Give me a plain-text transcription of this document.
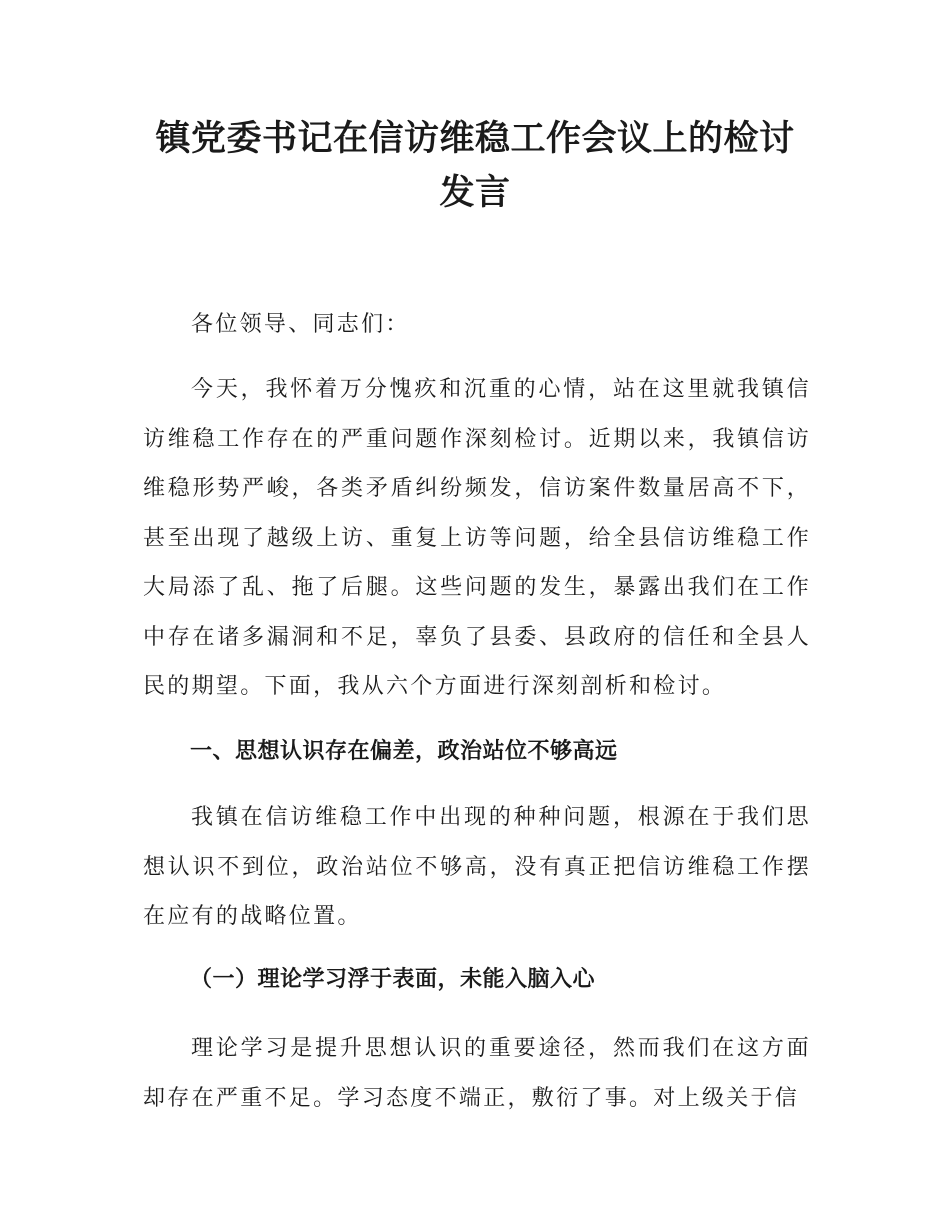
镇党委书记在信访维稳工作会议上的检讨发言

各位领导、同志们：

今天，我怀着万分愧疚和沉重的心情，站在这里就我镇信访维稳工作存在的严重问题作深刻检讨。近期以来，我镇信访维稳形势严峻，各类矛盾纠纷频发，信访案件数量居高不下，甚至出现了越级上访、重复上访等问题，给全县信访维稳工作大局添了乱、拖了后腿。这些问题的发生，暴露出我们在工作中存在诸多漏洞和不足，辜负了县委、县政府的信任和全县人民的期望。下面，我从六个方面进行深刻剖析和检讨。

一、思想认识存在偏差，政治站位不够高远

我镇在信访维稳工作中出现的种种问题，根源在于我们思想认识不到位，政治站位不够高，没有真正把信访维稳工作摆在应有的战略位置。

（一）理论学习浮于表面，未能入脑入心

理论学习是提升思想认识的重要途径，然而我们在这方面却存在严重不足。学习态度不端正，敷衍了事。对上级关于信
